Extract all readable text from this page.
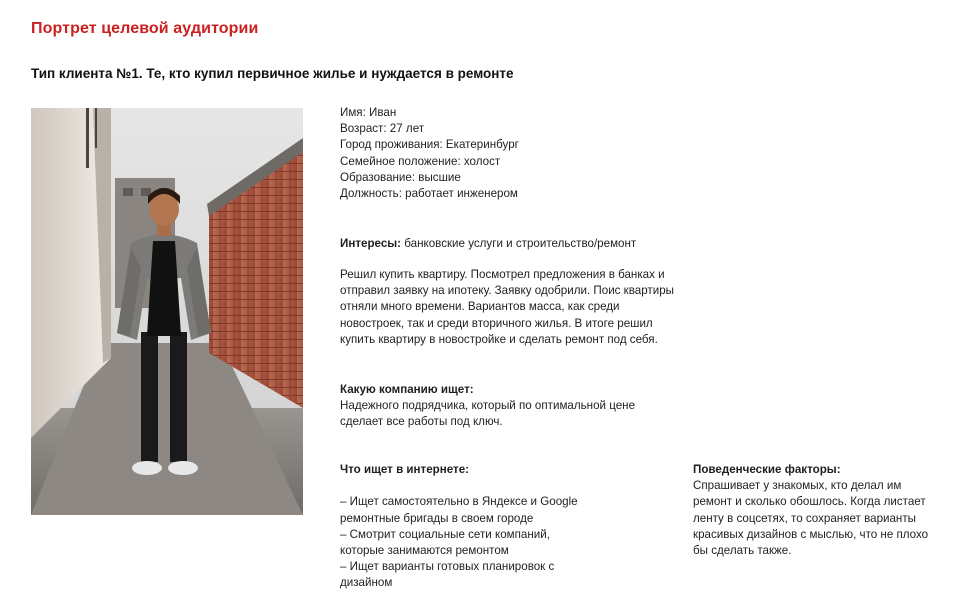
Портрет целевой аудитории
Тип клиента №1. Те, кто купил первичное жилье и нуждается в ремонте
Имя: Иван
Возраст: 27 лет
Город проживания: Екатеринбург
Семейное положение: холост
Образование: высшие
Должность: работает инженером
Интересы: банковские услуги и строительство/ремонт
Решил купить квартиру. Посмотрел предложения в банках и
отправил заявку на ипотеку. Заявку одобрили. Поис квартиры
отняли много времени. Вариантов масса, как среди
новостроек, так и среди вторичного жилья. В итоге решил
купить квартиру в новостройке и сделать ремонт под себя.
Какую компанию ищет:
Надежного подрядчика, который по оптимальной цене
сделает все работы под ключ.
Что ищет в интернете:
– Ищет самостоятельно в Яндексе и Google
ремонтные бригады в своем городе
– Смотрит социальные сети компаний,
которые занимаются ремонтом
– Ищет варианты готовых планировок с
дизайном
Поведенческие факторы:
Спрашивает у знакомых, кто делал им
ремонт и сколько обошлось. Когда листает
ленту в соцсетях, то сохраняет варианты
красивых дизайнов с мыслью, что не плохо
бы сделать также.
